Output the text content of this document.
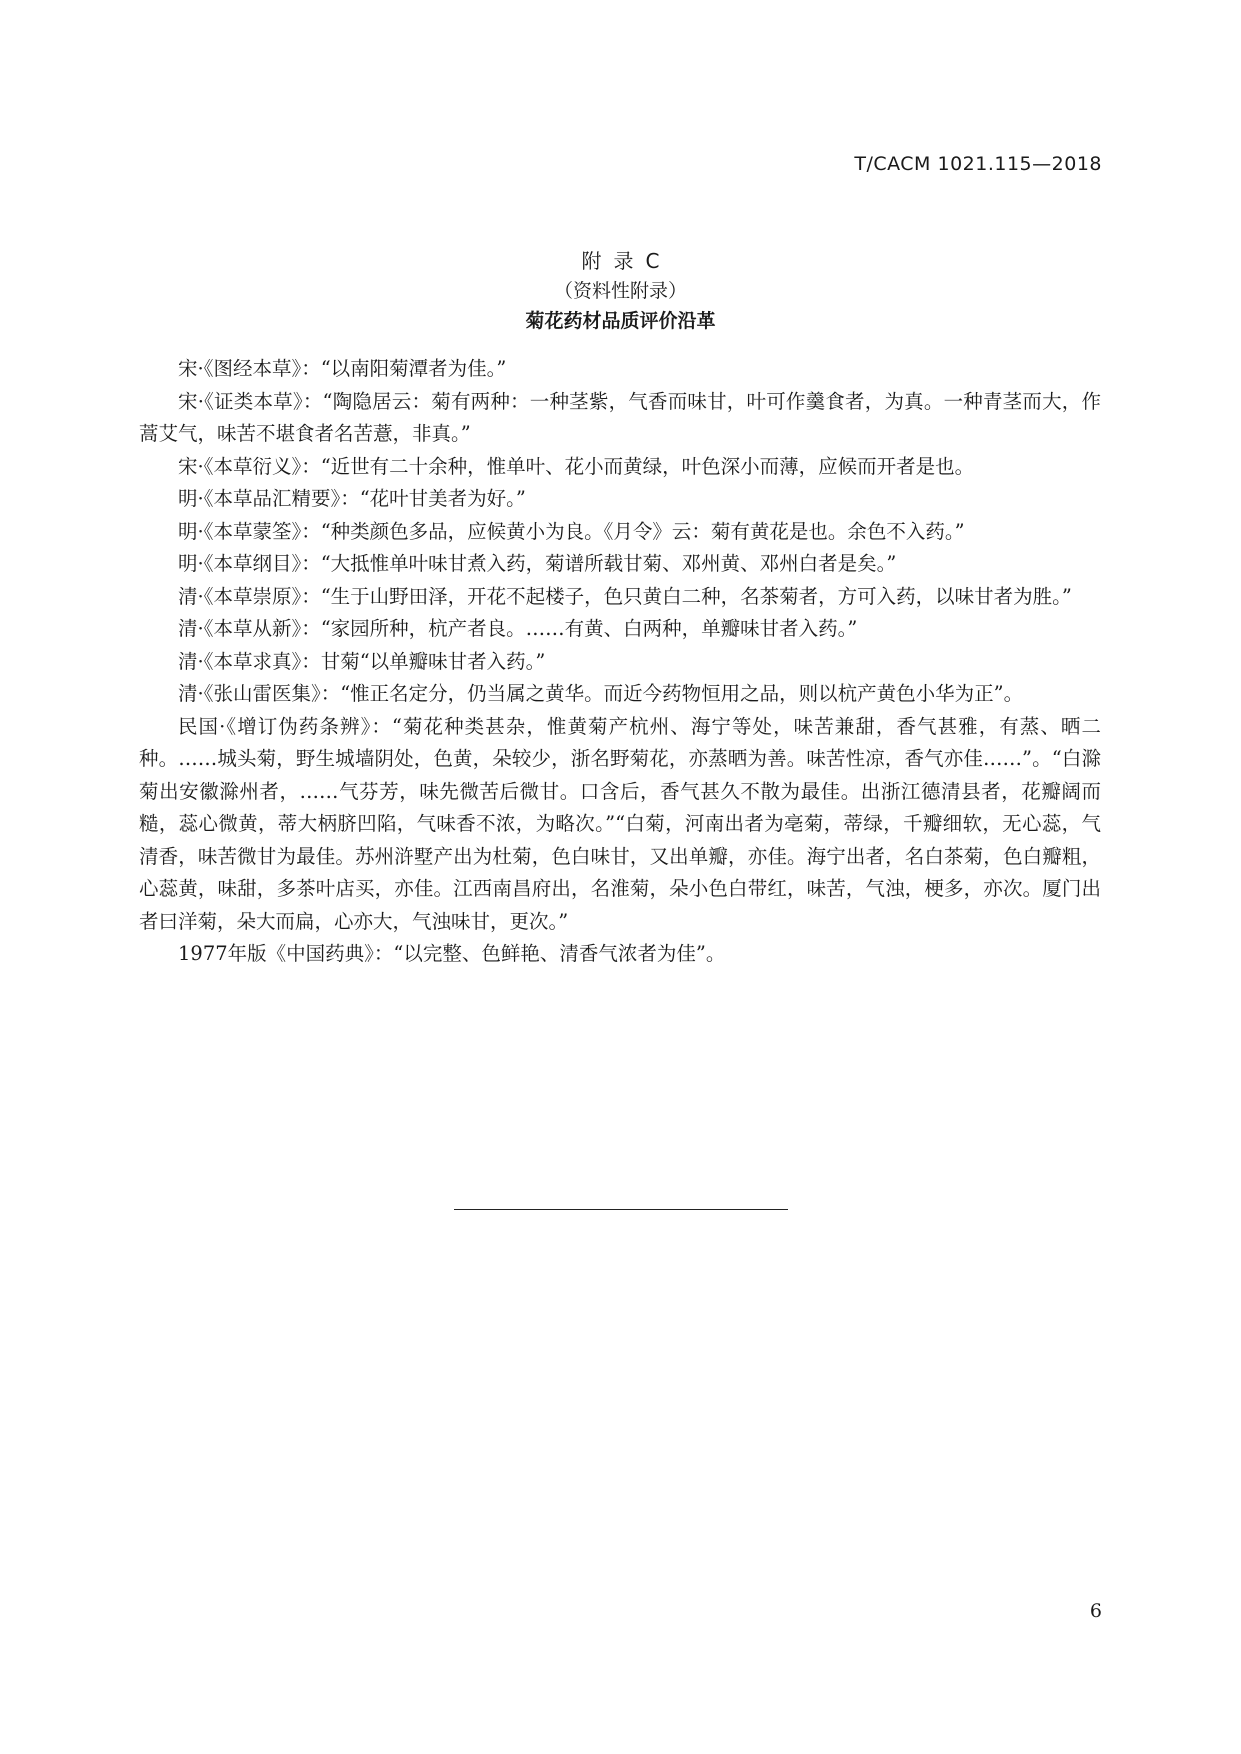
T/CACM 1021.115—2018
附录C
（资料性附录）
菊花药材品质评价沿革

宋·《图经本草》：“以南阳菊潭者为佳。”

宋·《证类本草》：“陶隐居云：菊有两种：一种茎紫，气香而味甘，叶可作羹食者，为真。一种青茎而大，作蒿艾气，味苦不堪食者名苦薏，非真。”

宋·《本草衍义》：“近世有二十余种，惟单叶、花小而黄绿，叶色深小而薄，应候而开者是也。

明·《本草品汇精要》：“花叶甘美者为好。”

明·《本草蒙筌》：“种类颜色多品，应候黄小为良。《月令》云：菊有黄花是也。余色不入药。”

明·《本草纲目》：“大抵惟单叶味甘煮入药，菊谱所载甘菊、邓州黄、邓州白者是矣。”

清·《本草崇原》：“生于山野田泽，开花不起楼子，色只黄白二种，名茶菊者，方可入药，以味甘者为胜。”

清·《本草从新》：“家园所种，杭产者良。……有黄、白两种，单瓣味甘者入药。”

清·《本草求真》：甘菊“以单瓣味甘者入药。”

清·《张山雷医集》：“惟正名定分，仍当属之黄华。而近今药物恒用之品，则以杭产黄色小华为正”。

民国·《增订伪药条辨》：“菊花种类甚杂，惟黄菊产杭州、海宁等处，味苦兼甜，香气甚雅，有蒸、晒二种。……城头菊，野生城墙阴处，色黄，朵较少，浙名野菊花，亦蒸晒为善。味苦性凉，香气亦佳……”。“白滁菊出安徽滁州者，……气芬芳，味先微苦后微甘。口含后，香气甚久不散为最佳。出浙江德清县者，花瓣阔而糙，蕊心微黄，蒂大柄脐凹陷，气味香不浓，为略次。”“白菊，河南出者为亳菊，蒂绿，千瓣细软，无心蕊，气清香，味苦微甘为最佳。苏州浒墅产出为杜菊，色白味甘，又出单瓣，亦佳。海宁出者，名白茶菊，色白瓣粗，心蕊黄，味甜，多茶叶店买，亦佳。江西南昌府出，名淮菊，朵小色白带红，味苦，气浊，梗多，亦次。厦门出者曰洋菊，朵大而扁，心亦大，气浊味甘，更次。”

1977年版《中国药典》：“以完整、色鲜艳、清香气浓者为佳”。

6
